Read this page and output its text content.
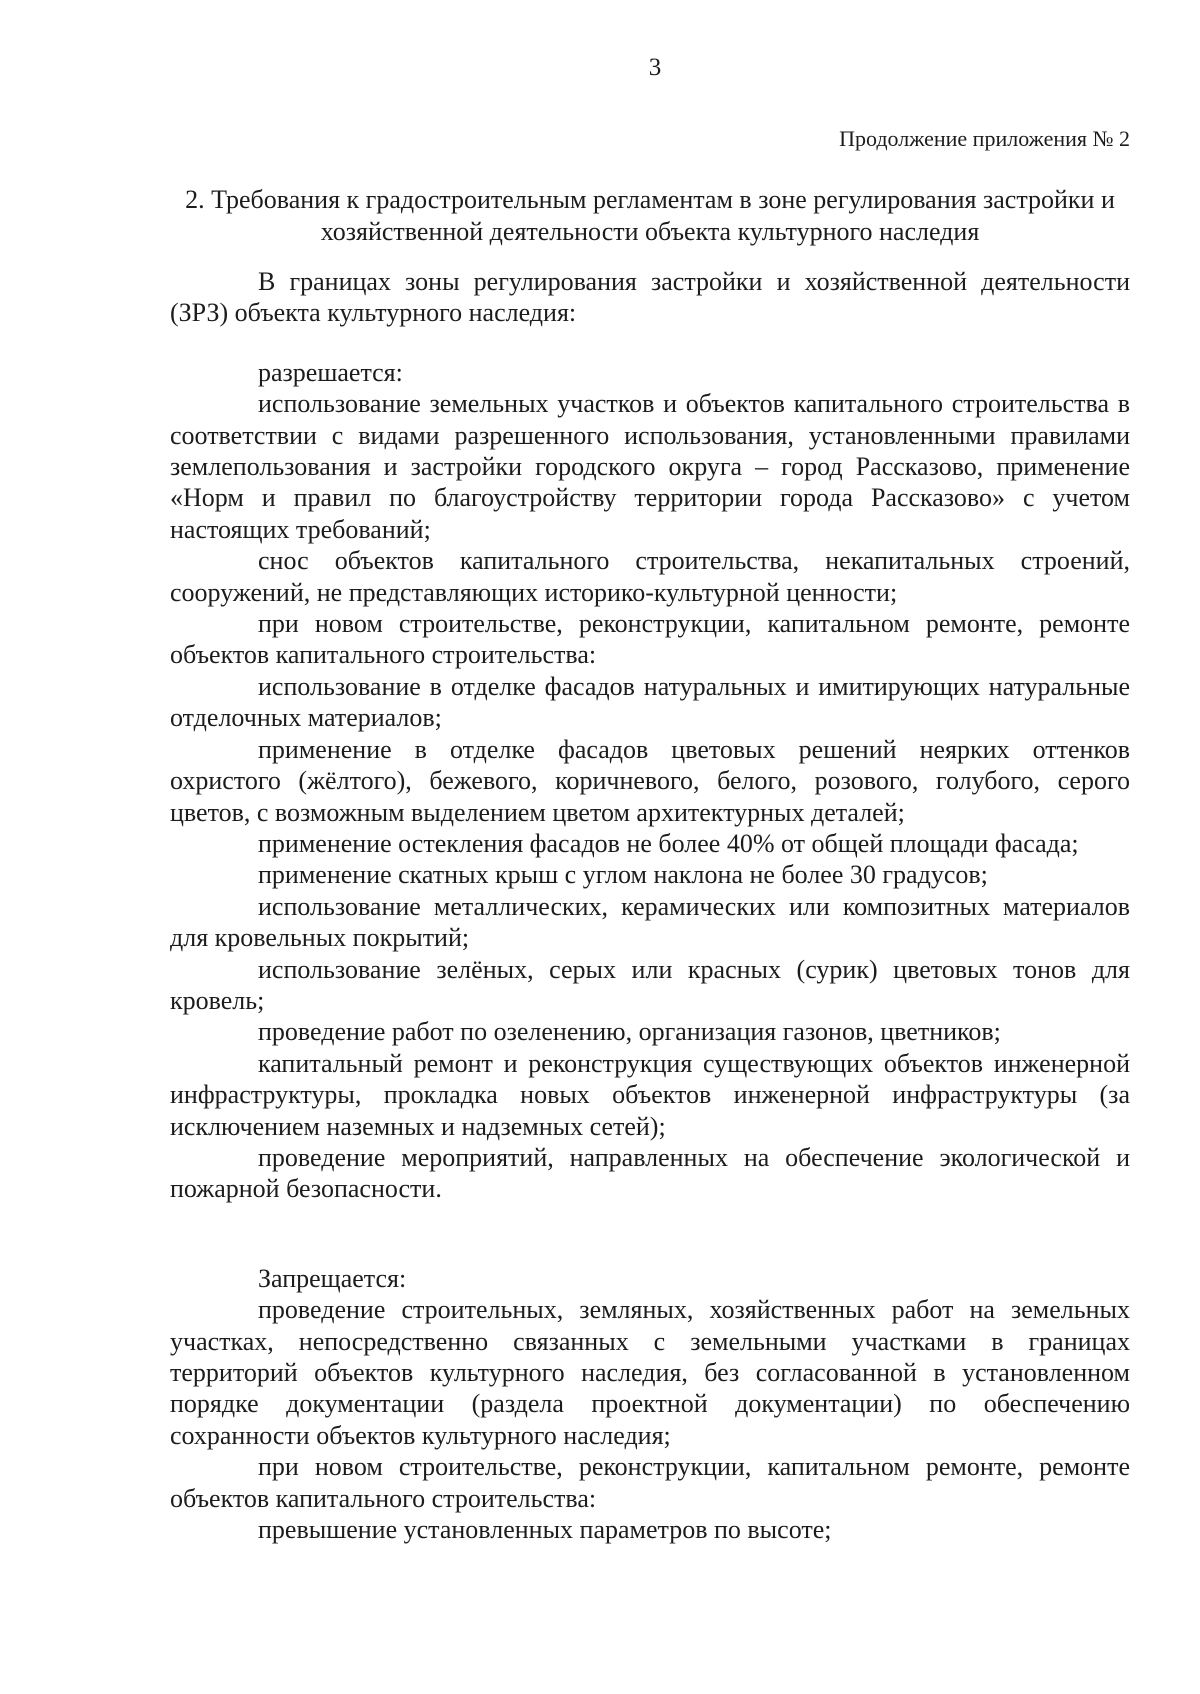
3
Продолжение приложения № 2
2. Требования к градостроительным регламентам в зоне регулирования застройки и хозяйственной деятельности объекта культурного наследия

В границах зоны регулирования застройки и хозяйственной деятельности (ЗРЗ) объекта культурного наследия:

разрешается:

использование земельных участков и объектов капитального строительства в соответствии с видами разрешенного использования, установленными правилами землепользования и застройки городского округа – город Рассказово, применение «Норм и правил по благоустройству территории города Рассказово» с учетом настоящих требований;

снос объектов капитального строительства, некапитальных строений, сооружений, не представляющих историко-культурной ценности;

при новом строительстве, реконструкции, капитальном ремонте, ремонте объектов капитального строительства:

использование в отделке фасадов натуральных и имитирующих натуральные отделочных материалов;

применение в отделке фасадов цветовых решений неярких оттенков охристого (жёлтого), бежевого, коричневого, белого, розового, голубого, серого цветов, с возможным выделением цветом архитектурных деталей;

применение остекления фасадов не более 40% от общей площади фасада;

применение скатных крыш с углом наклона не более 30 градусов;

использование металлических, керамических или композитных материалов для кровельных покрытий;

использование зелёных, серых или красных (сурик) цветовых тонов для кровель;

проведение работ по озеленению, организация газонов, цветников;

капитальный ремонт и реконструкция существующих объектов инженерной инфраструктуры, прокладка новых объектов инженерной инфраструктуры (за исключением наземных и надземных сетей);

проведение мероприятий, направленных на обеспечение экологической и пожарной безопасности.

Запрещается:

проведение строительных, земляных, хозяйственных работ на земельных участках, непосредственно связанных с земельными участками в границах территорий объектов культурного наследия, без согласованной в установленном порядке документации (раздела проектной документации) по обеспечению сохранности объектов культурного наследия;

при новом строительстве, реконструкции, капитальном ремонте, ремонте объектов капитального строительства:

превышение установленных параметров по высоте;
